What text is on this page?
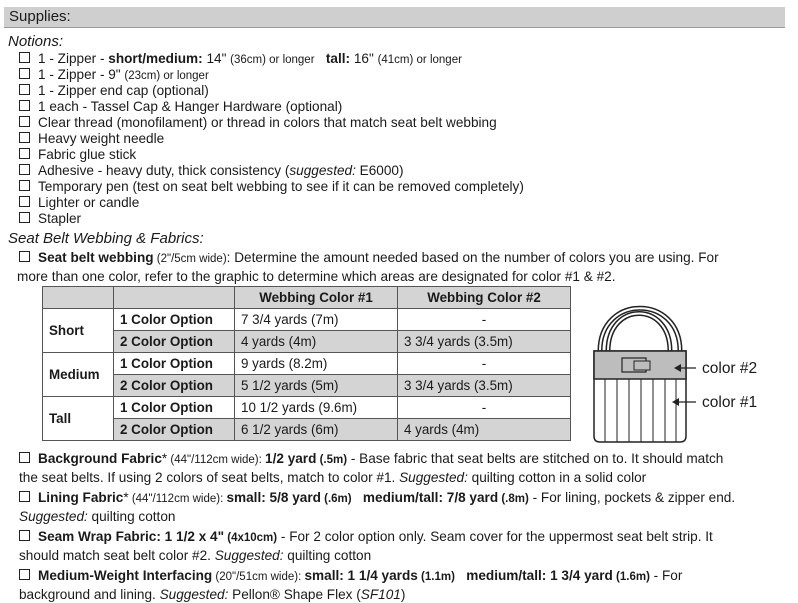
Supplies:
Notions:
1 - Zipper - short/medium: 14" (36cm) or longer tall: 16" (41cm) or longer
1 - Zipper - 9" (23cm) or longer
1 - Zipper end cap (optional)
1 each - Tassel Cap & Hanger Hardware (optional)
Clear thread (monofilament) or thread in colors that match seat belt webbing
Heavy weight needle
Fabric glue stick
Adhesive - heavy duty, thick consistency (suggested: E6000)
Temporary pen (test on seat belt webbing to see if it can be removed completely)
Lighter or candle
Stapler
Seat Belt Webbing & Fabrics:
Seat belt webbing (2"/5cm wide): Determine the amount needed based on the number of colors you are using. For
more than one color, refer to the graphic to determine which areas are designated for color #1 & #2.
		Webbing Color #1	Webbing Color #2
Short	1 Color Option	7 3/4 yards (7m)	-
	2 Color Option	4 yards (4m)	3 3/4 yards (3.5m)
Medium	1 Color Option	9 yards (8.2m)	-
	2 Color Option	5 1/2 yards (5m)	3 3/4 yards (3.5m)
Tall	1 Color Option	10 1/2 yards (9.6m)	-
	2 Color Option	6 1/2 yards (6m)	4 yards (4m)
color #2
color #1
Background Fabric* (44"/112cm wide): 1/2 yard (.5m) - Base fabric that seat belts are stitched on to. It should match
the seat belts. If using 2 colors of seat belts, match to color #1. Suggested: quilting cotton in a solid color
Lining Fabric* (44"/112cm wide): small: 5/8 yard (.6m)   medium/tall: 7/8 yard (.8m) - For lining, pockets & zipper end.
Suggested: quilting cotton
Seam Wrap Fabric: 1 1/2 x 4" (4x10cm) - For 2 color option only. Seam cover for the uppermost seat belt strip. It
should match seat belt color #2. Suggested: quilting cotton
Medium-Weight Interfacing (20"/51cm wide): small: 1 1/4 yards (1.1m)   medium/tall: 1 3/4 yard (1.6m) - For
background and lining. Suggested: Pellon® Shape Flex (SF101)
